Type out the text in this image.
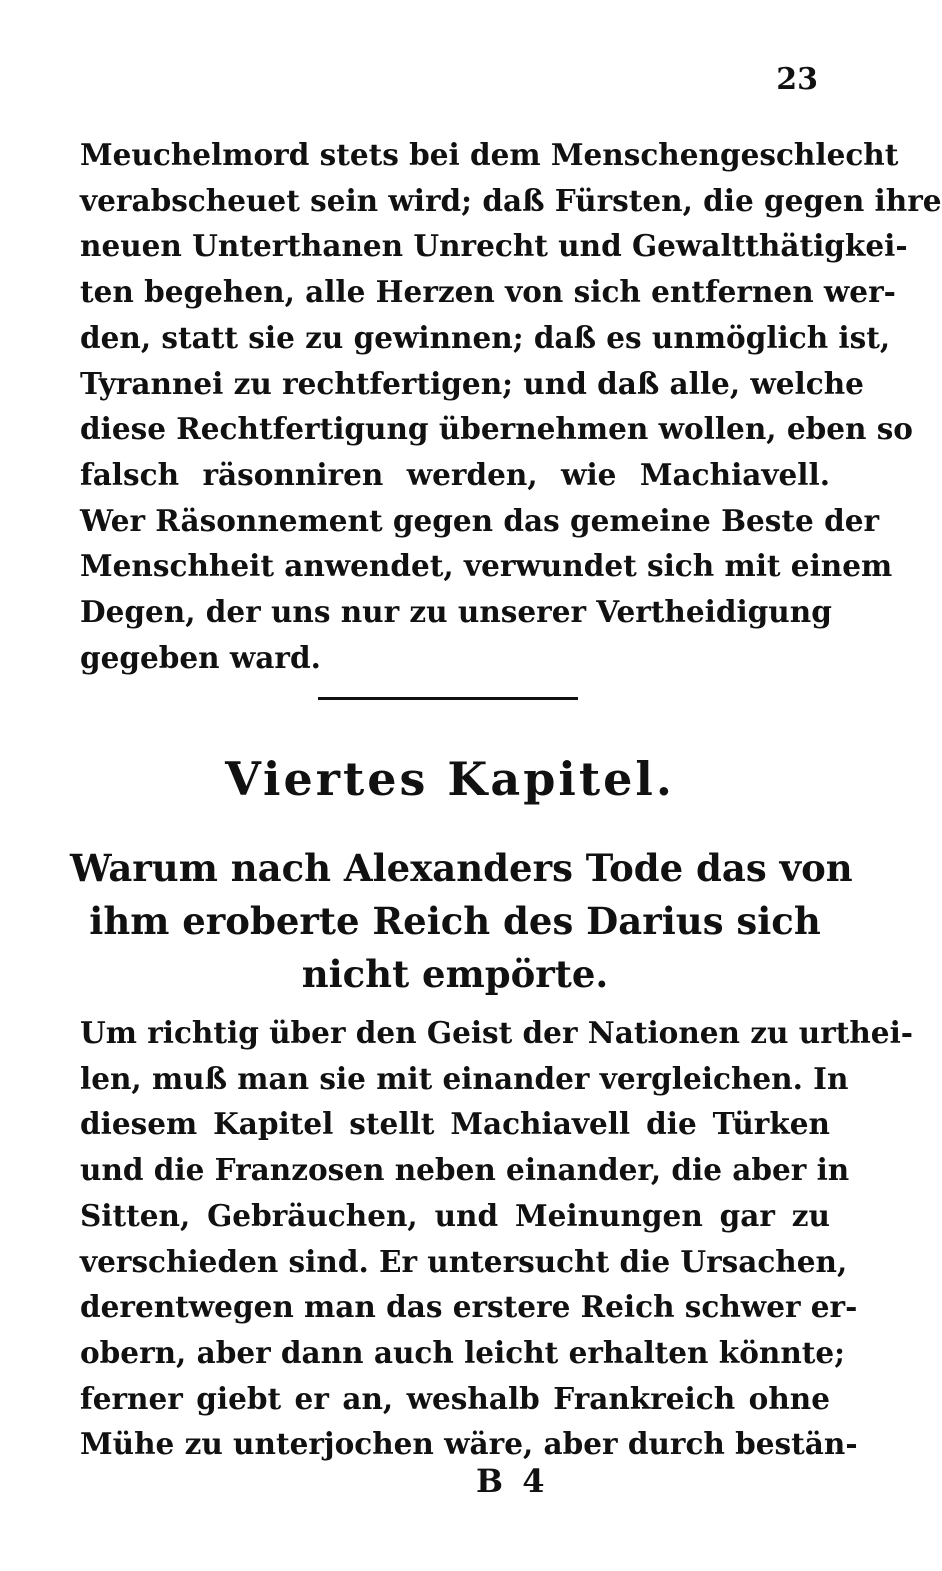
23
Meuchelmord stets bei dem Menschengeschlecht
verabscheuet sein wird; daß Fürsten, die gegen ihre
neuen Unterthanen Unrecht und Gewaltthätigkei-
ten begehen, alle Herzen von sich entfernen wer-
den, statt sie zu gewinnen; daß es unmöglich ist,
Tyrannei zu rechtfertigen; und daß alle, welche
diese Rechtfertigung übernehmen wollen, eben so
falsch räsonniren werden, wie Machiavell.
Wer Räsonnement gegen das gemeine Beste der
Menschheit anwendet, verwundet sich mit einem
Degen, der uns nur zu unserer Vertheidigung
gegeben ward.
Viertes Kapitel.
Warum nach Alexanders Tode das von
ihm eroberte Reich des Darius sich
nicht empörte.
Um richtig über den Geist der Nationen zu urthei-
len, muß man sie mit einander vergleichen. In
diesem Kapitel stellt Machiavell die Türken
und die Franzosen neben einander, die aber in
Sitten, Gebräuchen, und Meinungen gar zu
verschieden sind. Er untersucht die Ursachen,
derentwegen man das erstere Reich schwer er-
obern, aber dann auch leicht erhalten könnte;
ferner giebt er an, weshalb Frankreich ohne
Mühe zu unterjochen wäre, aber durch bestän-
B 4
